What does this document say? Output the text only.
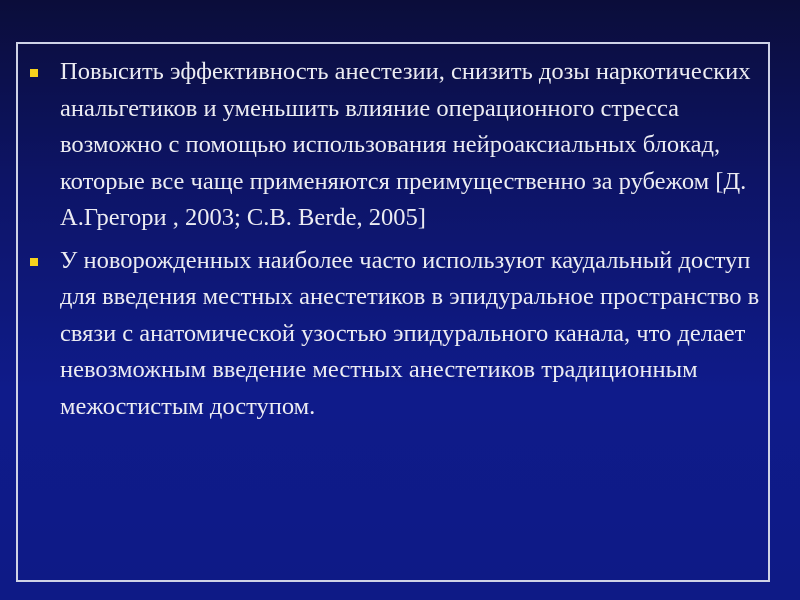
Повысить эффективность анестезии, снизить дозы наркотических анальгетиков и уменьшить влияние операционного стресса возможно с помощью использования нейроаксиальных блокад, которые все чаще применяются преимущественно за рубежом [Д. А.Грегори , 2003; С.В. Berde, 2005]
У новорожденных наиболее часто используют каудальный доступ для введения местных анестетиков в эпидуральное пространство в связи с анатомической узостью эпидурального канала, что делает невозможным введение местных анестетиков традиционным межостистым доступом.
